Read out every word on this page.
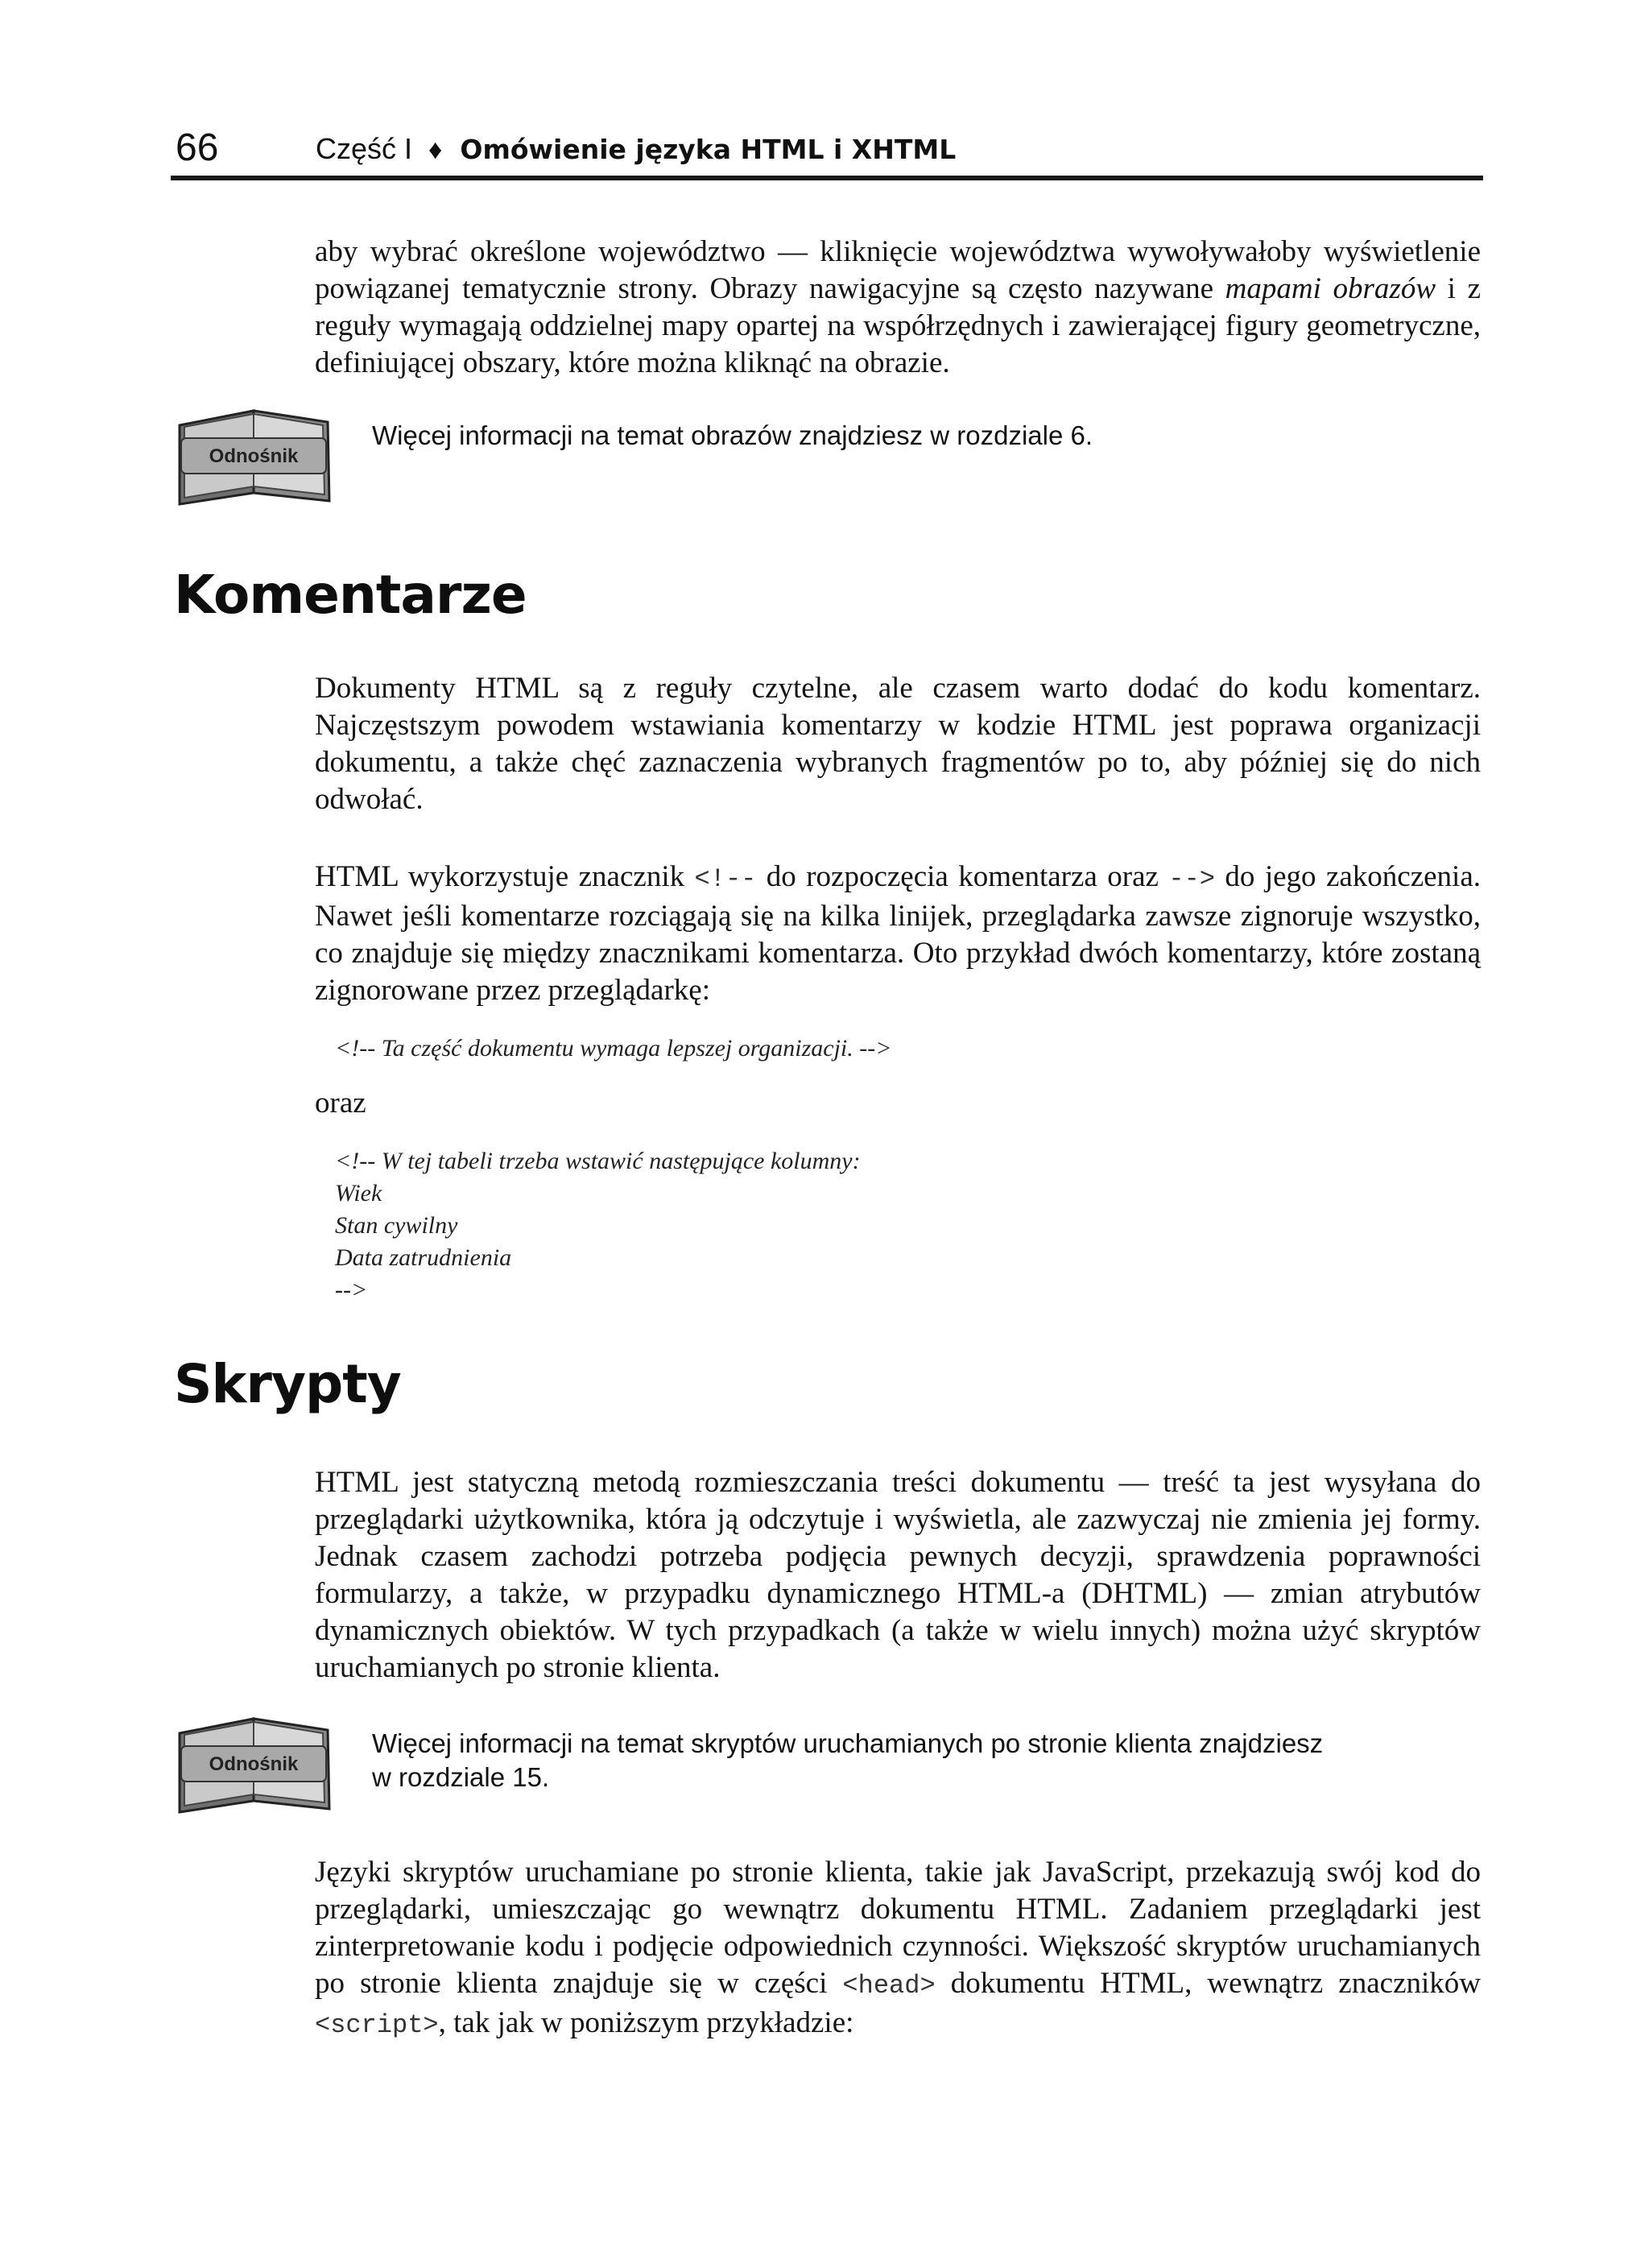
66	Część I ♦ Omówienie języka HTML i XHTML

aby wybrać określone województwo — kliknięcie województwa wywoływałoby wyświetlenie powiązanej tematycznie strony. Obrazy nawigacyjne są często nazywane mapami obrazów i z reguły wymagają oddzielnej mapy opartej na współrzędnych i zawierającej figury geometryczne, definiującej obszary, które można kliknąć na obrazie.

Odnośnik
Więcej informacji na temat obrazów znajdziesz w rozdziale 6.
Komentarze

Dokumenty HTML są z reguły czytelne, ale czasem warto dodać do kodu komentarz. Najczęstszym powodem wstawiania komentarzy w kodzie HTML jest poprawa organizacji dokumentu, a także chęć zaznaczenia wybranych fragmentów po to, aby później się do nich odwołać.

HTML wykorzystuje znacznik <!-- do rozpoczęcia komentarza oraz --> do jego zakończenia. Nawet jeśli komentarze rozciągają się na kilka linijek, przeglądarka zawsze zignoruje wszystko, co znajduje się między znacznikami komentarza. Oto przykład dwóch komentarzy, które zostaną zignorowane przez przeglądarkę:

<!-- Ta część dokumentu wymaga lepszej organizacji. -->
oraz
<!-- W tej tabeli trzeba wstawić następujące kolumny:
Wiek
Stan cywilny
Data zatrudnienia
-->
Skrypty

HTML jest statyczną metodą rozmieszczania treści dokumentu — treść ta jest wysyłana do przeglądarki użytkownika, która ją odczytuje i wyświetla, ale zazwyczaj nie zmienia jej formy. Jednak czasem zachodzi potrzeba podjęcia pewnych decyzji, sprawdzenia poprawności formularzy, a także, w przypadku dynamicznego HTML-a (DHTML) — zmian atrybutów dynamicznych obiektów. W tych przypadkach (a także w wielu innych) można użyć skryptów uruchamianych po stronie klienta.

Odnośnik
Więcej informacji na temat skryptów uruchamianych po stronie klienta znajdziesz
w rozdziale 15.

Języki skryptów uruchamiane po stronie klienta, takie jak JavaScript, przekazują swój kod do przeglądarki, umieszczając go wewnątrz dokumentu HTML. Zadaniem przeglądarki jest zinterpretowanie kodu i podjęcie odpowiednich czynności. Większość skryptów uruchamianych po stronie klienta znajduje się w części <head> dokumentu HTML, wewnątrz znaczników <script>, tak jak w poniższym przykładzie:
